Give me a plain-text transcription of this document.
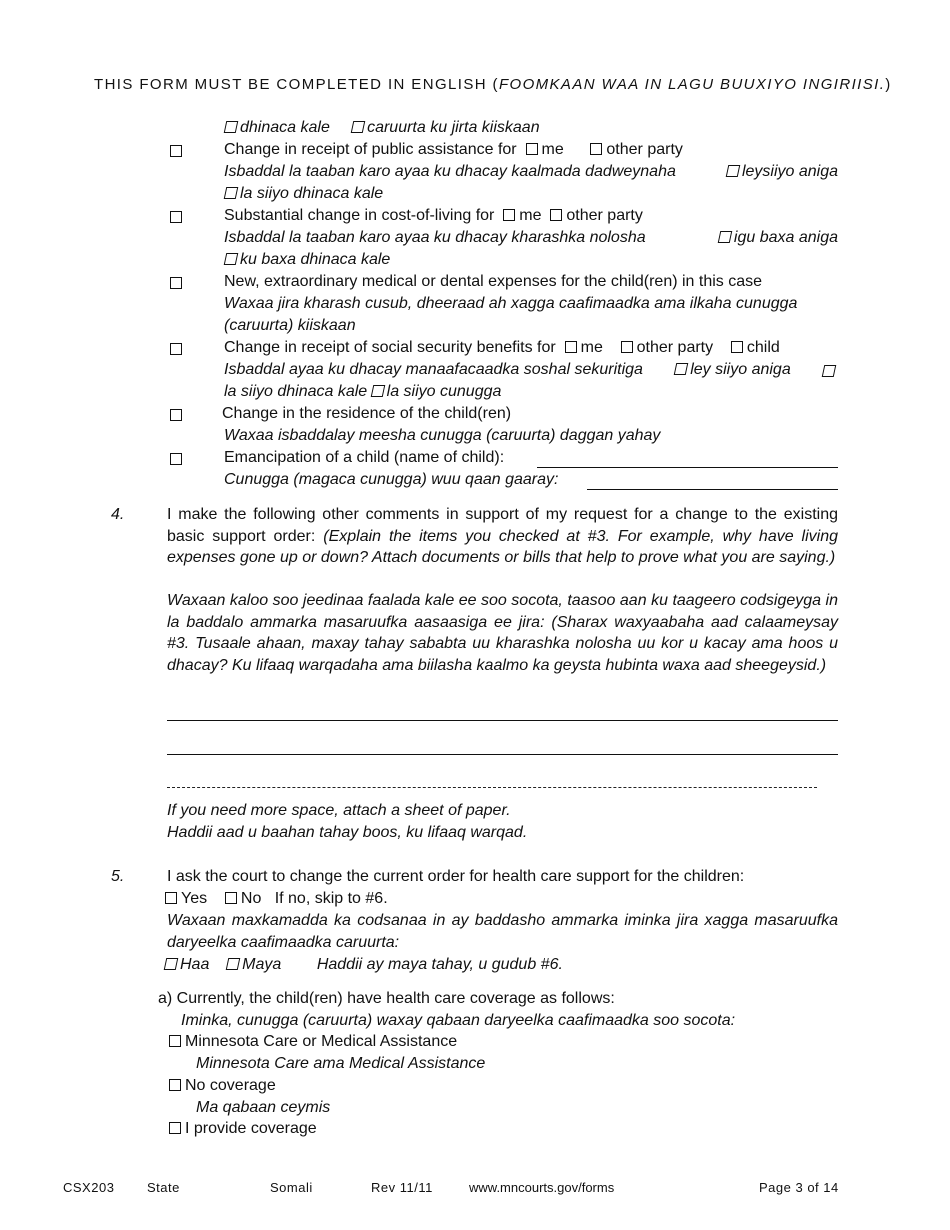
THIS FORM MUST BE COMPLETED IN ENGLISH (FOOMKAAN WAA IN LAGU BUUXIYO INGIRIISI.)
dhinaca kale caruurta ku jirta kiiskaan
Change in receipt of public assistance for me	other party
Isbaddal la taaban karo ayaa ku dhacay kaalmada dadweynaha	leysiiyo aniga
la siiyo dhinaca kale
Substantial change in cost-of-living for me other party
Isbaddal la taaban karo ayaa ku dhacay kharashka nolosha	igu baxa aniga
ku baxa dhinaca kale
New, extraordinary medical or dental expenses for the child(ren) in this case
Waxaa jira kharash cusub, dheeraad ah xagga caafimaadka ama ilkaha cunugga
(caruurta) kiiskaan
Change in receipt of social security benefits for me other party child
Isbaddal ayaa ku dhacay manaafacaadka soshal sekuritiga	ley siiyo aniga
la siiyo dhinaca kale la siiyo cunugga
Change in the residence of the child(ren)
Waxaa isbaddalay meesha cunugga (caruurta) daggan yahay
Emancipation of a child (name of child):
Cunugga (magaca cunugga) wuu qaan gaaray:
4.	I make the following other comments in support of my request for a change to the existing basic support order: (Explain the items you checked at #3. For example, why have living expenses gone up or down? Attach documents or bills that help to prove what you are saying.)
Waxaan kaloo soo jeedinaa faalada kale ee soo socota, taasoo aan ku taageero codsigeyga in la baddalo ammarka masaruufka aasaasiga ee jira: (Sharax waxyaabaha aad calaameysay #3. Tusaale ahaan, maxay tahay sababta uu kharashka nolosha uu kor u kacay ama hoos u dhacay? Ku lifaaq warqadaha ama biilasha kaalmo ka geysta hubinta waxa aad sheegeysid.)
If you need more space, attach a sheet of paper.
Haddii aad u baahan tahay boos, ku lifaaq warqad.
5.	I ask the court to change the current order for health care support for the children:
Yes No If no, skip to #6.
Waxaan maxkamadda ka codsanaa in ay baddasho ammarka iminka jira xagga masaruufka daryeelka caafimaadka caruurta:
Haa Maya Haddii ay maya tahay, u gudub #6.
a) Currently, the child(ren) have health care coverage as follows:
Iminka, cunugga (caruurta) waxay qabaan daryeelka caafimaadka soo socota:
Minnesota Care or Medical Assistance
Minnesota Care ama Medical Assistance
No coverage
Ma qabaan ceymis
I provide coverage
CSX203	State	Somali	Rev 11/11	www.mncourts.gov/forms	Page 3 of 14
